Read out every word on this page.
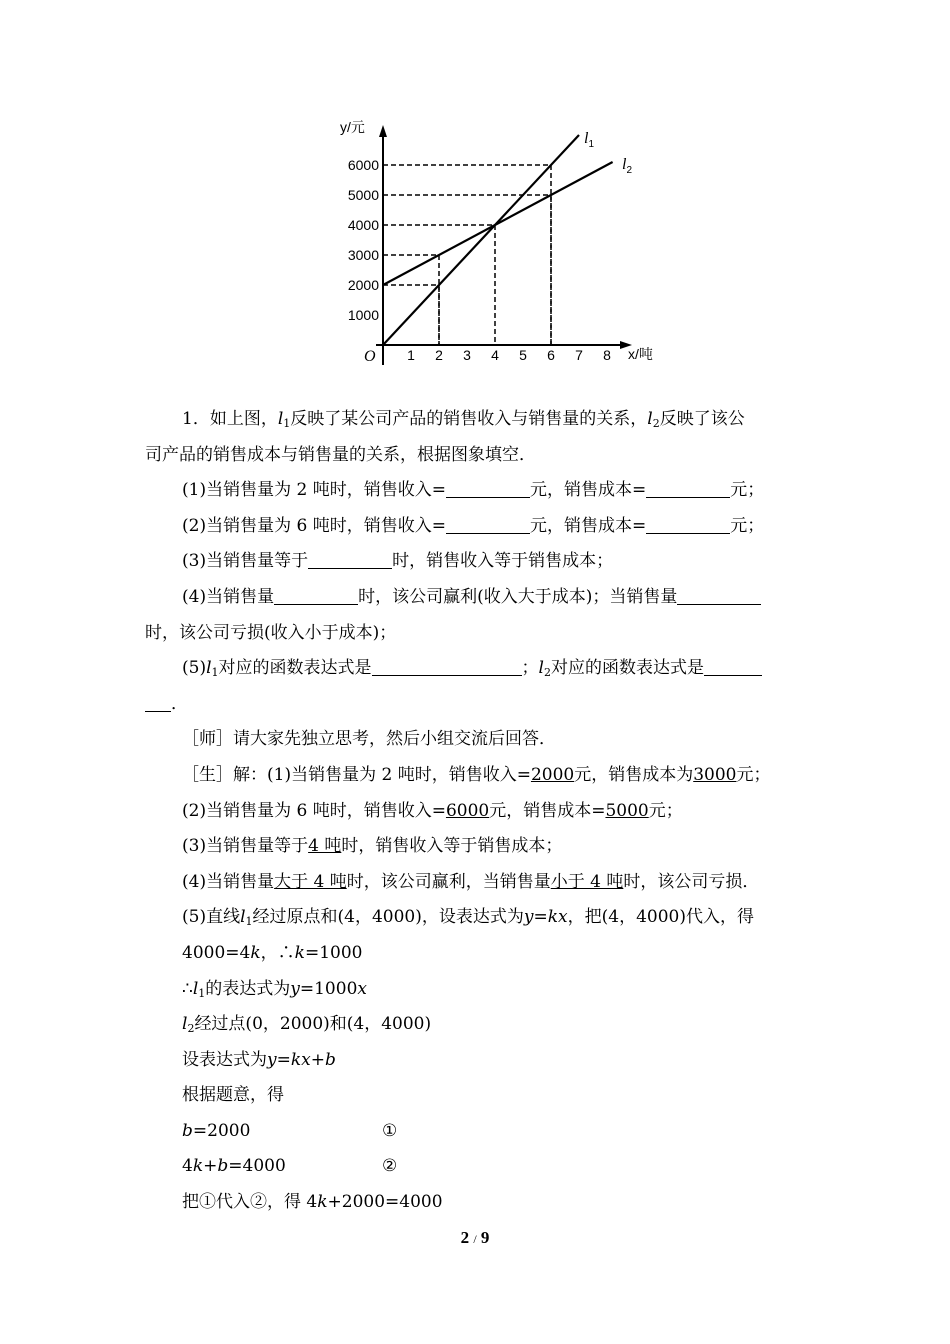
1 2 3 4 5 6 7 8
1000
2000
3000
4000
5000
6000
y/元
x/吨
O
$l_1$
$l_2$
1．如上图，$l_1$反映了某公司产品的销售收入与销售量的关系，$l_2$反映了该公
司产品的销售成本与销售量的关系，根据图象填空．
(1)当销售量为 2 吨时，销售收入=	元，销售成本=	元；
(2)当销售量为 6 吨时，销售收入=	元，销售成本=	元；
(3)当销售量等于	时，销售收入等于销售成本；
(4)当销售量	时，该公司赢利(收入大于成本)；当销售量
时，该公司亏损(收入小于成本)；
$(5)l_1$对应的函数表达式是	；$l_2$对应的函数表达式是
．
［师］请大家先独立思考，然后小组交流后回答．
［生］解：(1)当销售量为 2 吨时，销售收入=2000元，销售成本为3000元；
(2)当销售量为 6 吨时，销售收入=6000元，销售成本=5000元；
(3)当销售量等于4 吨时，销售收入等于销售成本；
(4)当销售量大于 4 吨时，该公司赢利，当销售量小于 4 吨时，该公司亏损．
(5)直线$l_1$经过原点和(4，4000)，设表达式为y=kx，把(4，4000)代入，得
4000=4k，∴k=1000
$\therefore l_1$的表达式为y=1000x
$l_2$经过点(0，2000)和(4，4000)
设表达式为y=kx+b
根据题意，得
b=2000	①
4k+b=4000	②
把①代入②，得 4k+2000=4000
2 / 9
